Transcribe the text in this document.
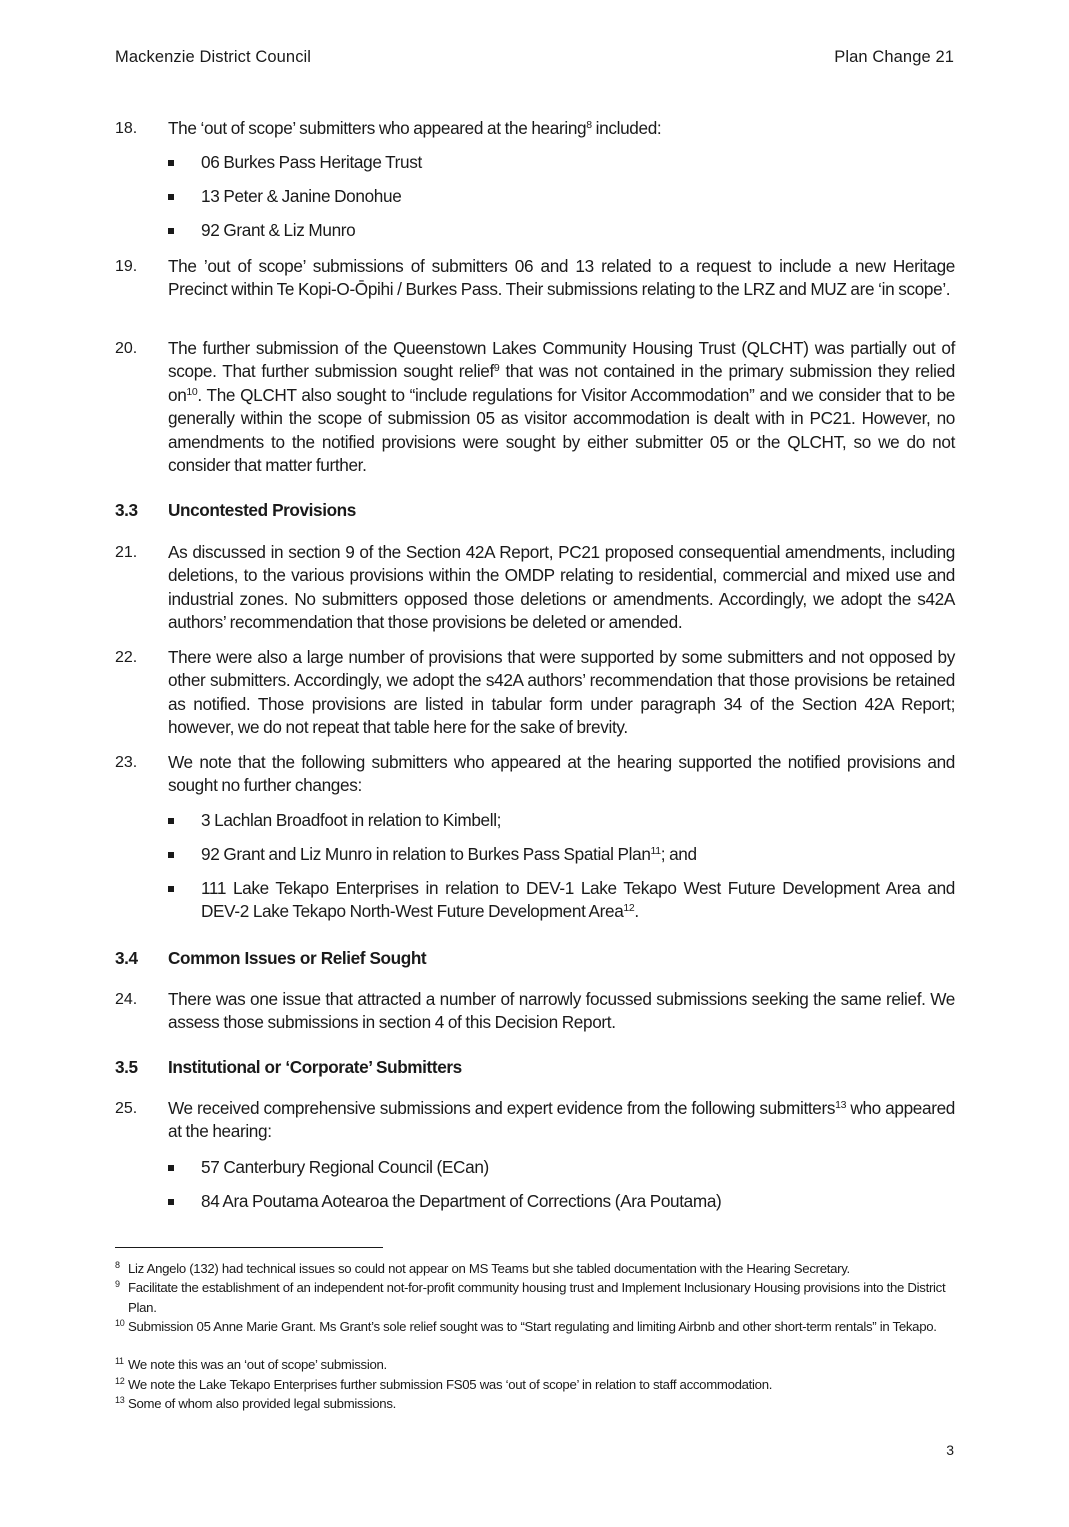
Mackenzie District Council	Plan Change 21
18.	The ‘out of scope’ submitters who appeared at the hearing$^8$ included:
06 Burkes Pass Heritage Trust
13 Peter & Janine Donohue
92 Grant & Liz Munro
19.	The ’out of scope’ submissions of submitters 06 and 13 related to a request to include a new Heritage Precinct within Te Kopi-O-Ōpihi / Burkes Pass. Their submissions relating to the LRZ and MUZ are ‘in scope’.
20.	The further submission of the Queenstown Lakes Community Housing Trust (QLCHT) was partially out of scope. That further submission sought relief$^9$ that was not contained in the primary submission they relied $on^{10}$. The QLCHT also sought to “include regulations for Visitor Accommodation” and we consider that to be generally within the scope of submission 05 as visitor accommodation is dealt with in PC21. However, no amendments to the notified provisions were sought by either submitter 05 or the QLCHT, so we do not consider that matter further.
3.3	Uncontested Provisions
21.	As discussed in section 9 of the Section 42A Report, PC21 proposed consequential amendments, including deletions, to the various provisions within the OMDP relating to residential, commercial and mixed use and industrial zones. No submitters opposed those deletions or amendments. Accordingly, we adopt the s42A authors’ recommendation that those provisions be deleted or amended.
22.	There were also a large number of provisions that were supported by some submitters and not opposed by other submitters. Accordingly, we adopt the s42A authors’ recommendation that those provisions be retained as notified. Those provisions are listed in tabular form under paragraph 34 of the Section 42A Report; however, we do not repeat that table here for the sake of brevity.
23.	We note that the following submitters who appeared at the hearing supported the notified provisions and sought no further changes:
3 Lachlan Broadfoot in relation to Kimbell;
92 Grant and Liz Munro in relation to Burkes Pass Spatial Plan$^{11}$; and
111 Lake Tekapo Enterprises in relation to DEV-1 Lake Tekapo West Future Development Area and DEV-2 Lake Tekapo North-West Future Development Area$^{12}$.
3.4	Common Issues or Relief Sought
24.	There was one issue that attracted a number of narrowly focussed submissions seeking the same relief. We assess those submissions in section 4 of this Decision Report.
3.5	Institutional or ‘Corporate’ Submitters
25.	We received comprehensive submissions and expert evidence from the following submitters$^{13}$ who appeared at the hearing:
57 Canterbury Regional Council (ECan)
84 Ara Poutama Aotearoa the Department of Corrections (Ara Poutama)
8 Liz Angelo (132) had technical issues so could not appear on MS Teams but she tabled documentation with the Hearing Secretary.
9 Facilitate the establishment of an independent not-for-profit community housing trust and Implement Inclusionary Housing provisions into the District Plan.
10 Submission 05 Anne Marie Grant. Ms Grant’s sole relief sought was to “Start regulating and limiting Airbnb and other short-term rentals” in Tekapo.
11 We note this was an ‘out of scope’ submission.
12 We note the Lake Tekapo Enterprises further submission FS05 was ‘out of scope’ in relation to staff accommodation.
13 Some of whom also provided legal submissions.
3
